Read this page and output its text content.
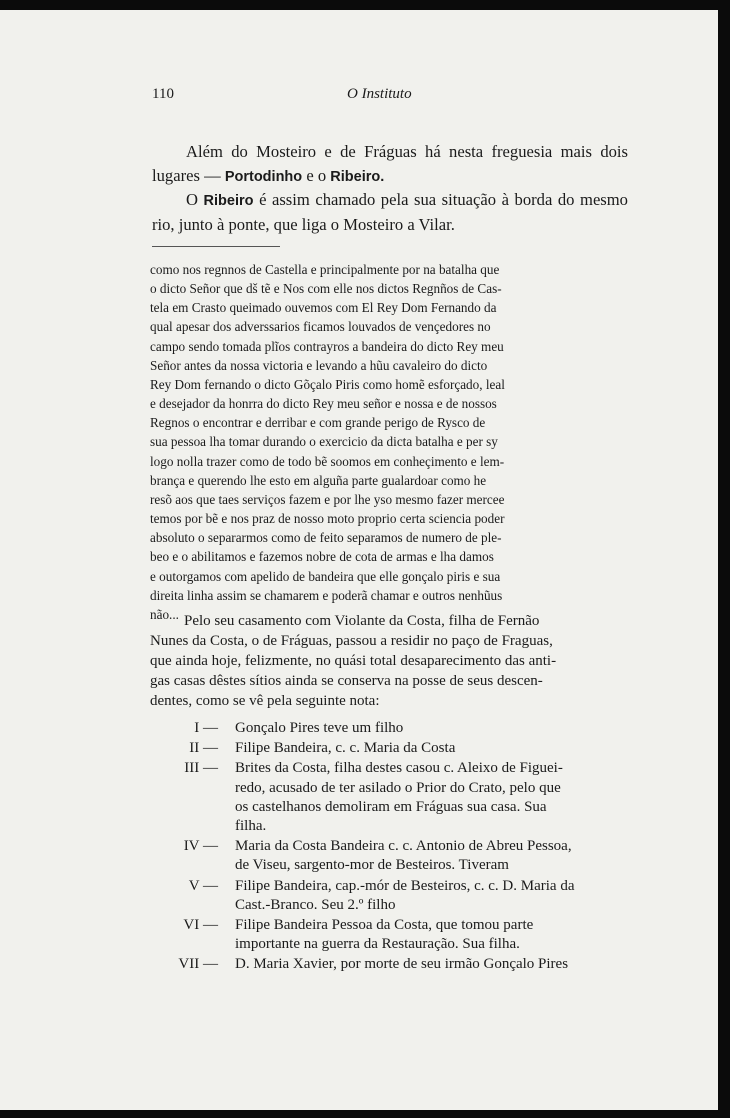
110	O Instituto

Além do Mosteiro e de Fráguas há nesta freguesia mais dois lugares — Portodinho e o Ribeiro.

O Ribeiro é assim chamado pela sua situação à borda do mesmo rio, junto à ponte, que liga o Mosteiro a Vilar.

como nos regnnos de Castella e principalmente por na batalha que
o dicto Señor que dš tẽ e Nos com elle nos dictos Regnños de Cas-
tela em Crasto queimado ouvemos com El Rey Dom Fernando da
qual apesar dos adverssarios ficamos louvados de vençedores no
campo sendo tomada plĩos contrayros a bandeira do dicto Rey meu
Señor antes da nossa victoria e levando a hũu cavaleiro do dicto
Rey Dom fernando o dicto Gõçalo Piris como homẽ esforçado, leal
e desejador da honrra do dicto Rey meu señor e nossa e de nossos
Regnos o encontrar e derribar e com grande perigo de Rysco de
sua pessoa lha tomar durando o exercicio da dicta batalha e per sy
logo nolla trazer como de todo bẽ soomos em conheçimento e lem-
brança e querendo lhe esto em alguña parte gualardoar como he
resõ aos que taes serviços fazem e por lhe yso mesmo fazer mercee
temos por bẽ e nos praz de nosso moto proprio certa sciencia poder
absoluto o separarmos como de feito separamos de numero de ple-
beo e o abilitamos e fazemos nobre de cota de armas e lha damos
e outorgamos com apelido de bandeira que elle gonçalo piris e sua
direita linha assim se chamarem e poderã chamar e outros nenhũus
não... Pelo seu casamento com Violante da Costa, filha de Fernão
Nunes da Costa, o de Fráguas, passou a residir no paço de Fraguas,
que ainda hoje, felizmente, no quási total desaparecimento das anti-
gas casas dêstes sítios ainda se conserva na posse de seus descen-
dentes, como se vê pela seguinte nota:

I — Gonçalo Pires teve um filho
II — Filipe Bandeira, c. c. Maria da Costa
III — Brites da Costa, filha destes casou c. Aleixo de Figuei-
redo, acusado de ter asilado o Prior do Crato, pelo que
os castelhanos demoliram em Fráguas sua casa. Sua
filha.
IV — Maria da Costa Bandeira c. c. Antonio de Abreu Pessoa,
de Viseu, sargento-mor de Besteiros. Tiveram
V — Filipe Bandeira, cap.-mór de Besteiros, c. c. D. Maria da
Cast.-Branco. Seu 2.º filho
VI — Filipe Bandeira Pessoa da Costa, que tomou parte
importante na guerra da Restauração. Sua filha.
VII — D. Maria Xavier, por morte de seu irmão Gonçalo Pires
